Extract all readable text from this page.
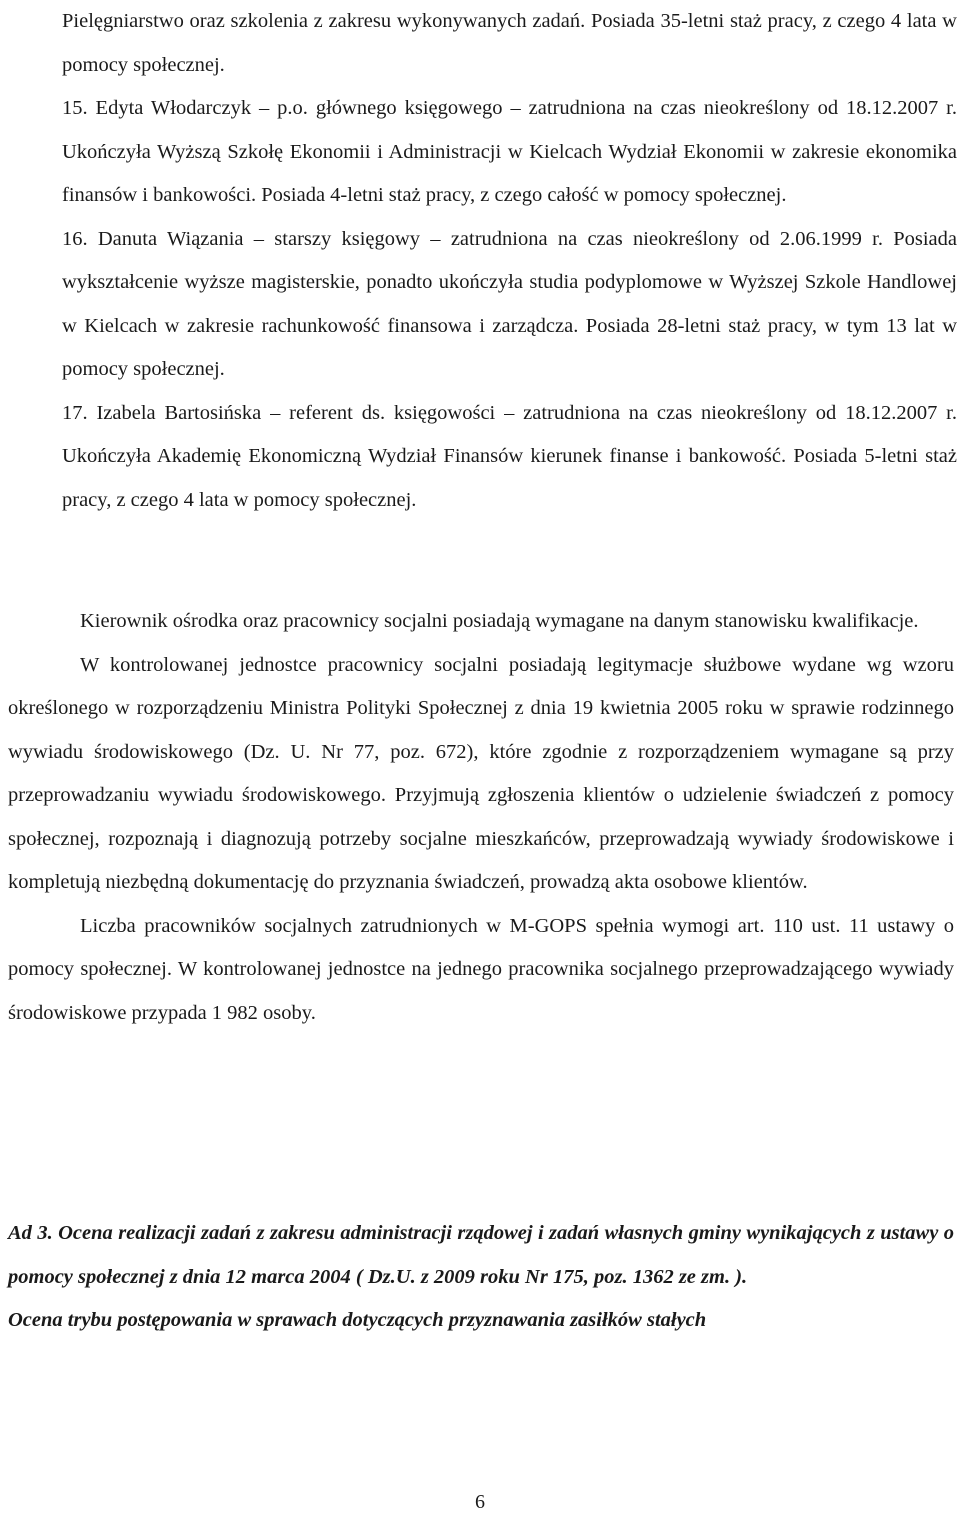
Pielęgniarstwo oraz szkolenia z zakresu wykonywanych zadań. Posiada 35-letni staż pracy, z czego 4 lata w pomocy społecznej.

15. Edyta Włodarczyk – p.o. głównego księgowego – zatrudniona na czas nieokreślony od 18.12.2007 r. Ukończyła Wyższą Szkołę Ekonomii i Administracji w Kielcach Wydział Ekonomii w zakresie ekonomika finansów i bankowości. Posiada 4-letni staż pracy, z czego całość w pomocy społecznej.

16. Danuta Wiązania – starszy księgowy – zatrudniona na czas nieokreślony od 2.06.1999 r. Posiada wykształcenie wyższe magisterskie, ponadto ukończyła studia podyplomowe w Wyższej Szkole Handlowej w Kielcach w zakresie rachunkowość finansowa i zarządcza. Posiada 28-letni staż pracy, w tym 13 lat w pomocy społecznej.

17. Izabela Bartosińska – referent ds. księgowości – zatrudniona na czas nieokreślony od 18.12.2007 r. Ukończyła Akademię Ekonomiczną Wydział Finansów kierunek finanse i bankowość. Posiada 5-letni staż pracy, z czego 4 lata w pomocy społecznej.

Kierownik ośrodka oraz pracownicy socjalni posiadają wymagane na danym stanowisku kwalifikacje.

W kontrolowanej jednostce pracownicy socjalni posiadają legitymacje służbowe wydane wg wzoru określonego w rozporządzeniu Ministra Polityki Społecznej z dnia 19 kwietnia 2005 roku w sprawie rodzinnego wywiadu środowiskowego (Dz. U. Nr 77, poz. 672), które zgodnie z rozporządzeniem wymagane są przy przeprowadzaniu wywiadu środowiskowego. Przyjmują zgłoszenia klientów o udzielenie świadczeń z pomocy społecznej, rozpoznają i diagnozują potrzeby socjalne mieszkańców, przeprowadzają wywiady środowiskowe i kompletują niezbędną dokumentację do przyznania świadczeń, prowadzą akta osobowe klientów.

Liczba pracowników socjalnych zatrudnionych w M-GOPS spełnia wymogi art. 110 ust. 11 ustawy o pomocy społecznej. W kontrolowanej jednostce na jednego pracownika socjalnego przeprowadzającego wywiady środowiskowe przypada 1 982 osoby.

Ad 3. Ocena realizacji zadań z zakresu administracji rządowej i zadań własnych gminy wynikających z ustawy o pomocy społecznej z dnia 12 marca 2004 ( Dz.U. z 2009 roku Nr 175, poz. 1362 ze zm. ).

Ocena trybu postępowania w sprawach dotyczących przyznawania zasiłków stałych

6
